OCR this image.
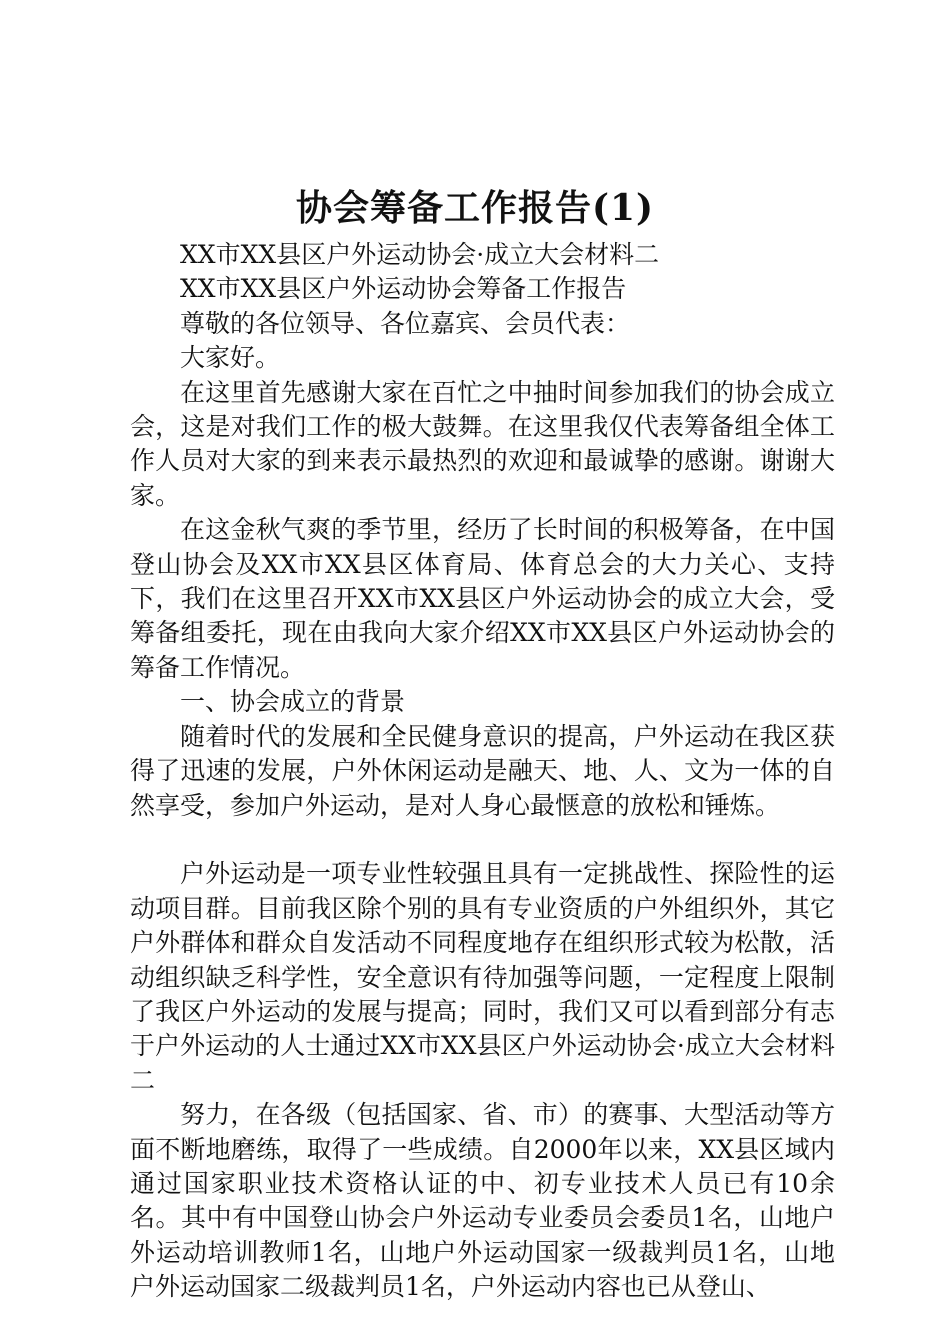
协会筹备工作报告(1)

XX市XX县区户外运动协会·成立大会材料二

XX市XX县区户外运动协会筹备工作报告

尊敬的各位领导、各位嘉宾、会员代表：

大家好。

在这里首先感谢大家在百忙之中抽时间参加我们的协会成立会，这是对我们工作的极大鼓舞。在这里我仅代表筹备组全体工作人员对大家的到来表示最热烈的欢迎和最诚挚的感谢。谢谢大家。

在这金秋气爽的季节里，经历了长时间的积极筹备，在中国登山协会及XX市XX县区体育局、体育总会的大力关心、支持下，我们在这里召开XX市XX县区户外运动协会的成立大会，受筹备组委托，现在由我向大家介绍XX市XX县区户外运动协会的筹备工作情况。

一、协会成立的背景

随着时代的发展和全民健身意识的提高，户外运动在我区获得了迅速的发展，户外休闲运动是融天、地、人、文为一体的自然享受，参加户外运动，是对人身心最惬意的放松和锤炼。

户外运动是一项专业性较强且具有一定挑战性、探险性的运动项目群。目前我区除个别的具有专业资质的户外组织外，其它户外群体和群众自发活动不同程度地存在组织形式较为松散，活动组织缺乏科学性，安全意识有待加强等问题，一定程度上限制了我区户外运动的发展与提高；同时，我们又可以看到部分有志于户外运动的人士通过XX市XX县区户外运动协会·成立大会材料二

努力，在各级（包括国家、省、市）的赛事、大型活动等方面不断地磨练，取得了一些成绩。自2000年以来，XX县区域内通过国家职业技术资格认证的中、初专业技术人员已有10余名。其中有中国登山协会户外运动专业委员会委员1名，山地户外运动培训教师1名，山地户外运动国家一级裁判员1名，山地户外运动国家二级裁判员1名，户外运动内容也已从登山、
